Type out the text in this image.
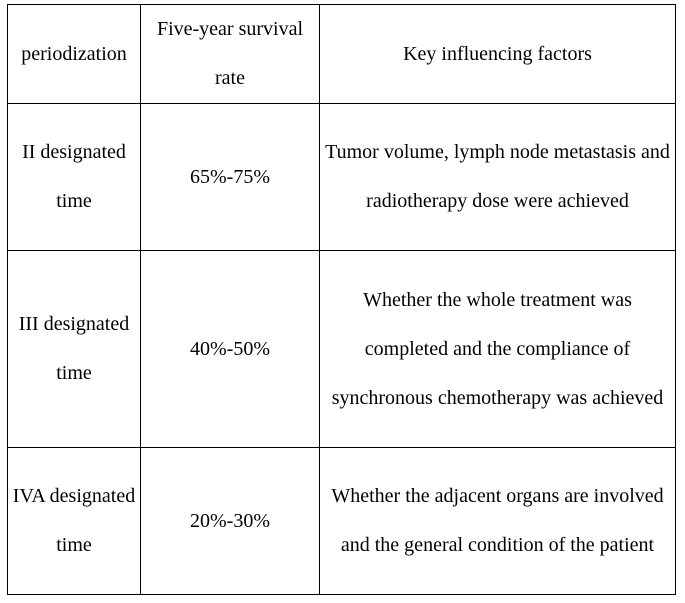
periodization	Five-year survival rate	Key influencing factors
II designated time	65%-75%	Tumor volume, lymph node metastasis and radiotherapy dose were achieved
III designated time	40%-50%	Whether the whole treatment was completed and the compliance of synchronous chemotherapy was achieved
IVA designated time	20%-30%	Whether the adjacent organs are involved and the general condition of the patient
